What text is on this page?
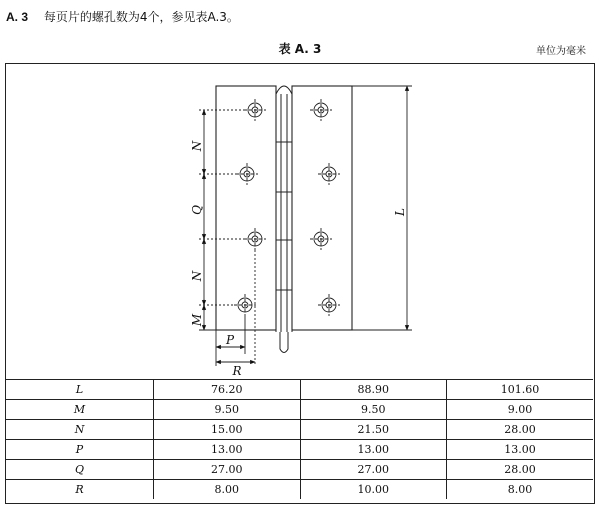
A. 3 每页片的螺孔数为4个，参见表A.3。
表 A. 3	单位为毫米
N
Q
N
M
L
P
R
L	76.20	88.90	101.60
M	9.50	9.50	9.00
N	15.00	21.50	28.00
P	13.00	13.00	13.00
Q	27.00	27.00	28.00
R	8.00	10.00	8.00
